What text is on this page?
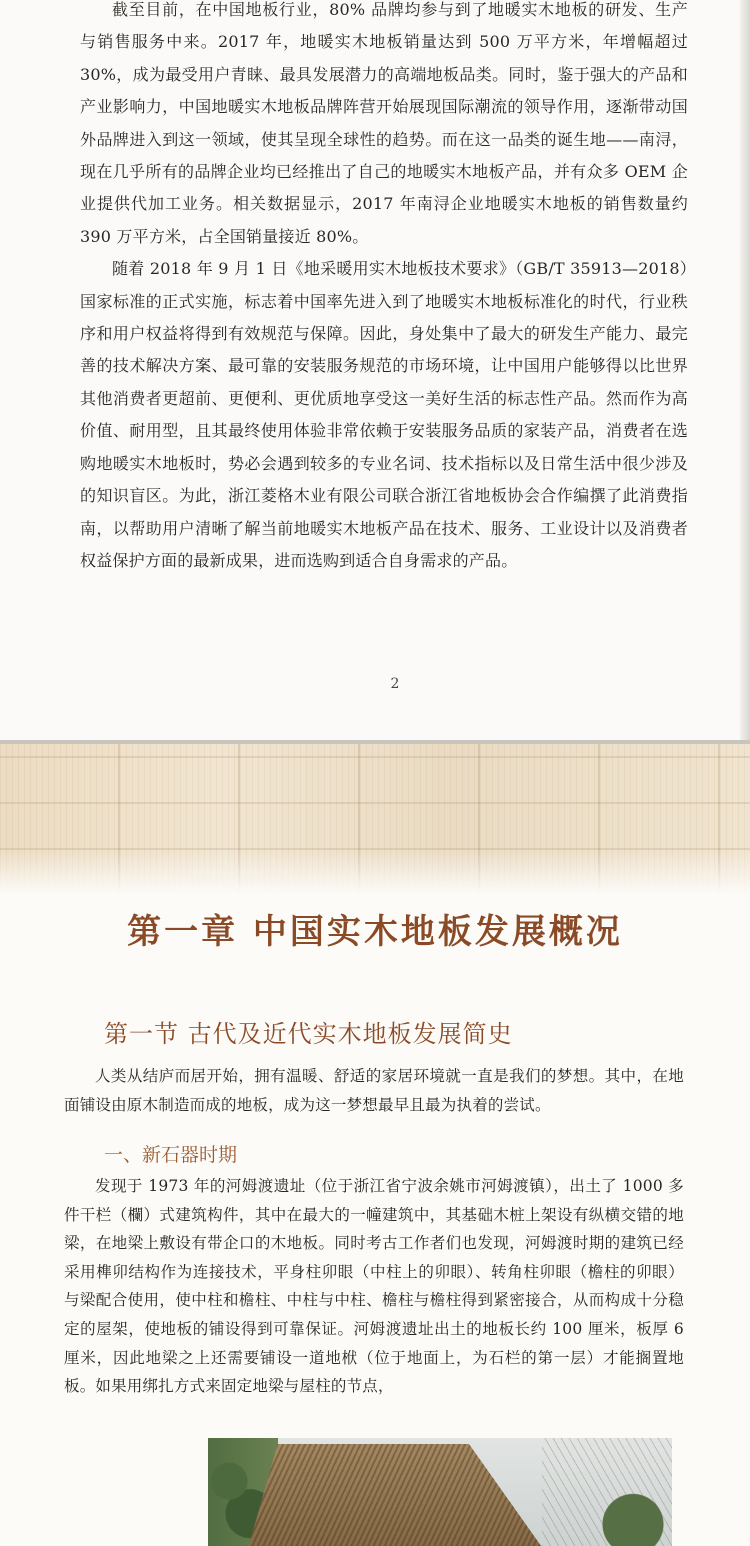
截至目前，在中国地板行业，80% 品牌均参与到了地暖实木地板的研发、生产与销售服务中来。2017 年，地暖实木地板销量达到 500 万平方米，年增幅超过 30%，成为最受用户青睐、最具发展潜力的高端地板品类。同时，鉴于强大的产品和产业影响力，中国地暖实木地板品牌阵营开始展现国际潮流的领导作用，逐渐带动国外品牌进入到这一领域，使其呈现全球性的趋势。而在这一品类的诞生地——南浔，现在几乎所有的品牌企业均已经推出了自己的地暖实木地板产品，并有众多 OEM 企业提供代加工业务。相关数据显示，2017 年南浔企业地暖实木地板的销售数量约 390 万平方米，占全国销量接近 80%。

随着 2018 年 9 月 1 日《地采暖用实木地板技术要求》（GB/T 35913—2018）国家标准的正式实施，标志着中国率先进入到了地暖实木地板标准化的时代，行业秩序和用户权益将得到有效规范与保障。因此，身处集中了最大的研发生产能力、最完善的技术解决方案、最可靠的安装服务规范的市场环境，让中国用户能够得以比世界其他消费者更超前、更便利、更优质地享受这一美好生活的标志性产品。然而作为高价值、耐用型，且其最终使用体验非常依赖于安装服务品质的家装产品，消费者在选购地暖实木地板时，势必会遇到较多的专业名词、技术指标以及日常生活中很少涉及的知识盲区。为此，浙江菱格木业有限公司联合浙江省地板协会合作编撰了此消费指南，以帮助用户清晰了解当前地暖实木地板产品在技术、服务、工业设计以及消费者权益保护方面的最新成果，进而选购到适合自身需求的产品。

2
第一章 中国实木地板发展概况
第一节 古代及近代实木地板发展简史

人类从结庐而居开始，拥有温暖、舒适的家居环境就一直是我们的梦想。其中，在地面铺设由原木制造而成的地板，成为这一梦想最早且最为执着的尝试。

一、新石器时期

发现于 1973 年的河姆渡遗址（位于浙江省宁波余姚市河姆渡镇），出土了 1000 多件干栏（欄）式建筑构件，其中在最大的一幢建筑中，其基础木桩上架设有纵横交错的地梁，在地梁上敷设有带企口的木地板。同时考古工作者们也发现，河姆渡时期的建筑已经采用榫卯结构作为连接技术，平身柱卯眼（中柱上的卯眼）、转角柱卯眼（檐柱的卯眼）与梁配合使用，使中柱和檐柱、中柱与中柱、檐柱与檐柱得到紧密接合，从而构成十分稳定的屋架，使地板的铺设得到可靠保证。河姆渡遗址出土的地板长约 100 厘米，板厚 6 厘米，因此地梁之上还需要铺设一道地栿（位于地面上，为石栏的第一层）才能搁置地板。如果用绑扎方式来固定地梁与屋柱的节点，
